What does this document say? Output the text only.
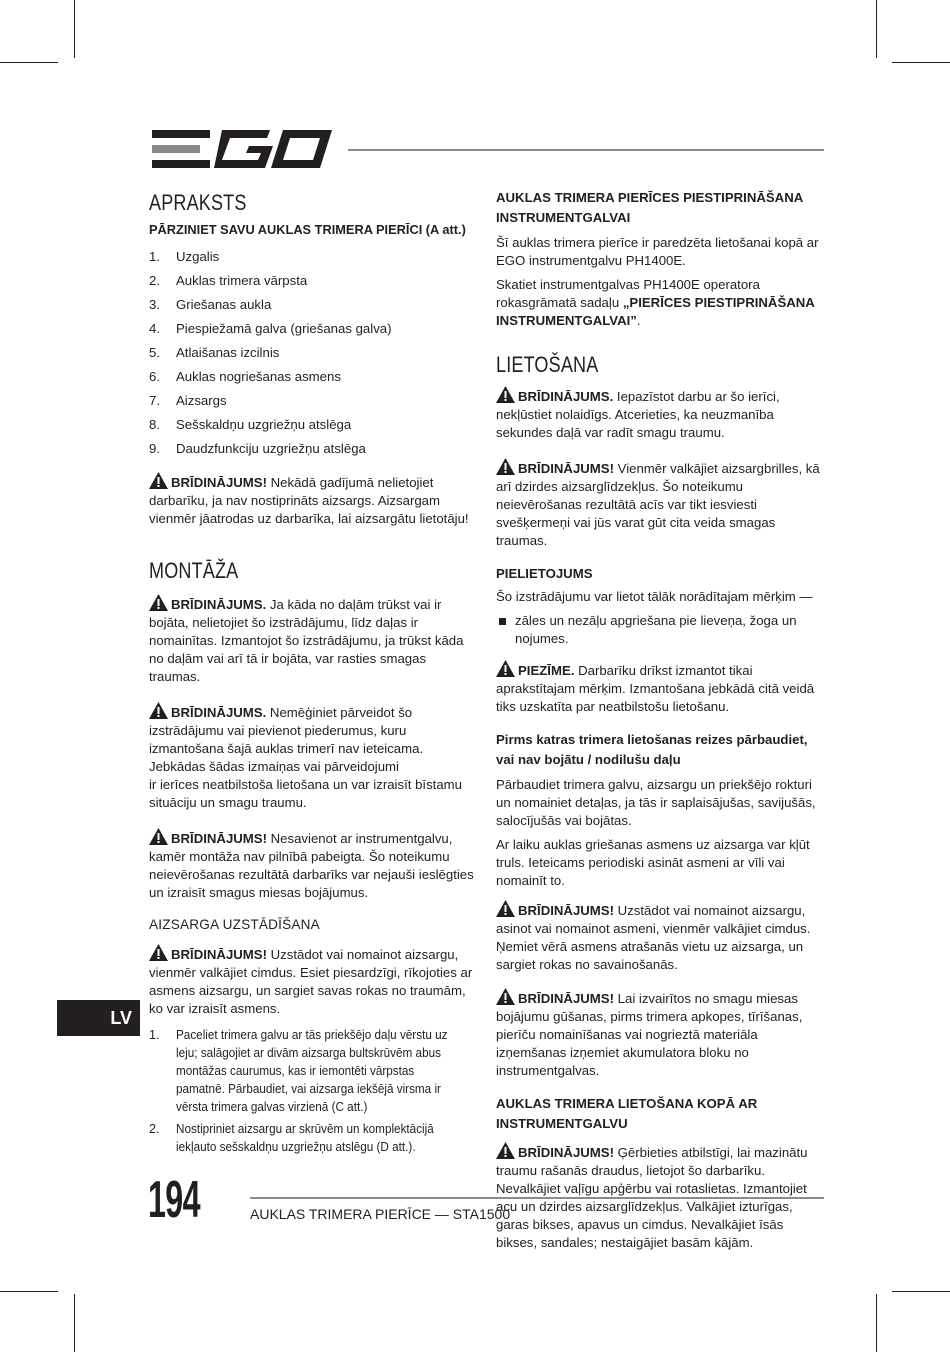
APRAKSTS

PĀRZINIET SAVU AUKLAS TRIMERA PIERĪCI (A att.)

1.	Uzgalis
2.	Auklas trimera vārpsta
3.	Griešanas aukla
4.	Piespiežamā galva (griešanas galva)
5.	Atlaišanas izcilnis
6.	Auklas nogriešanas asmens
7.	Aizsargs
8.	Sešskaldņu uzgriežņu atslēga
9.	Daudzfunkciju uzgriežņu atslēga

BRĪDINĀJUMS! Nekādā gadījumā nelietojiet darbarīku, ja nav nostiprināts aizsargs. Aizsargam vienmēr jāatrodas uz darbarīka, lai aizsargātu lietotāju!

MONTĀŽA

BRĪDINĀJUMS. Ja kāda no daļām trūkst vai ir bojāta, nelietojiet šo izstrādājumu, līdz daļas ir nomainītas. Izmantojot šo izstrādājumu, ja trūkst kāda no daļām vai arī tā ir bojāta, var rasties smagas traumas.

BRĪDINĀJUMS. Nemēģiniet pārveidot šo izstrādājumu vai pievienot piederumus, kuru izmantošana šajā auklas trimerī nav ieteicama. Jebkādas šādas izmaiņas vai pārveidojumi
ir ierīces neatbilstoša lietošana un var izraisīt bīstamu situāciju un smagu traumu.

BRĪDINĀJUMS! Nesavienot ar instrumentgalvu, kamēr montāža nav pilnībā pabeigta. Šo noteikumu neievērošanas rezultātā darbarīks var nejauši ieslēgties un izraisīt smagus miesas bojājumus.

AIZSARGA UZSTĀDĪŠANA

BRĪDINĀJUMS! Uzstādot vai nomainot aizsargu, vienmēr valkājiet cimdus. Esiet piesardzīgi, rīkojoties ar asmens aizsargu, un sargiet savas rokas no traumām, ko var izraisīt asmens.

1.	Paceliet trimera galvu ar tās priekšējo daļu vērstu uz leju; salāgojiet ar divām aizsarga bultskrūvēm abus montāžas caurumus, kas ir iemontēti vārpstas pamatnē. Pārbaudiet, vai aizsarga iekšējā virsma ir vērsta trimera galvas virzienā (C att.)
2.	Nostipriniet aizsargu ar skrūvēm un komplektācijā iekļauto sešskaldņu uzgriežņu atslēgu (D att.).

AUKLAS TRIMERA PIERĪCES PIESTIPRINĀŠANA INSTRUMENTGALVAI

Šī auklas trimera pierīce ir paredzēta lietošanai kopā ar EGO instrumentgalvu PH1400E.

Skatiet instrumentgalvas PH1400E operatora rokasgrāmatā sadaļu „PIERĪCES PIESTIPRINĀŠANA INSTRUMENTGALVAI”.

LIETOŠANA

BRĪDINĀJUMS. Iepazīstot darbu ar šo ierīci, nekļūstiet nolaidīgs. Atcerieties, ka neuzmanība sekundes daļā var radīt smagu traumu.

BRĪDINĀJUMS! Vienmēr valkājiet aizsargbrilles, kā arī dzirdes aizsarglīdzekļus. Šo noteikumu neievērošanas rezultātā acīs var tikt iesviesti svešķermeņi vai jūs varat gūt cita veida smagas traumas.

PIELIETOJUMS

Šo izstrādājumu var lietot tālāk norādītajam mērķim —

zāles un nezāļu apgriešana pie lieveņa, žoga un nojumes.

PIEZĪME. Darbarīku drīkst izmantot tikai aprakstītajam mērķim. Izmantošana jebkādā citā veidā tiks uzskatīta par neatbilstošu lietošanu.

Pirms katras trimera lietošanas reizes pārbaudiet, vai nav bojātu / nodilušu daļu

Pārbaudiet trimera galvu, aizsargu un priekšējo rokturi un nomainiet detaļas, ja tās ir saplaisājušas, savijušās, salocījušās vai bojātas.

Ar laiku auklas griešanas asmens uz aizsarga var kļūt truls. Ieteicams periodiski asināt asmeni ar vīli vai nomainīt to.

BRĪDINĀJUMS! Uzstādot vai nomainot aizsargu, asinot vai nomainot asmeni, vienmēr valkājiet cimdus. Ņemiet vērā asmens atrašanās vietu uz aizsarga, un sargiet rokas no savainošanās.

BRĪDINĀJUMS! Lai izvairītos no smagu miesas bojājumu gūšanas, pirms trimera apkopes, tīrīšanas, pierīču nomainīšanas vai nogrieztā materiāla izņemšanas izņemiet akumulatora bloku no instrumentgalvas.

AUKLAS TRIMERA LIETOŠANA KOPĀ AR INSTRUMENTGALVU

BRĪDINĀJUMS! Ģērbieties atbilstīgi, lai mazinātu traumu rašanās draudus, lietojot šo darbarīku. Nevalkājiet vaļīgu apģērbu vai rotaslietas. Izmantojiet acu un dzirdes aizsarglīdzekļus. Valkājiet izturīgas, garas bikses, apavus un cimdus. Nevalkājiet īsās bikses, sandales; nestaigājiet basām kājām.

LV
194	AUKLAS TRIMERA PIERĪCE — STA1500
